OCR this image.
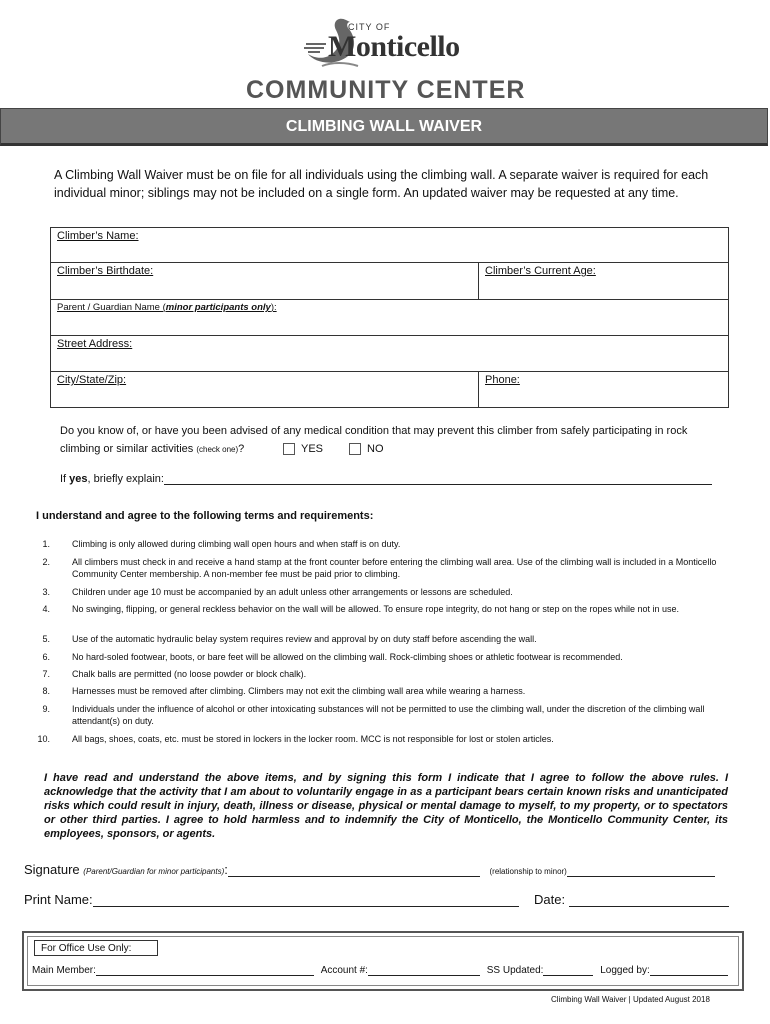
CITY OF
Monticello
COMMUNITY CENTER
CLIMBING WALL WAIVER
A Climbing Wall Waiver must be on file for all individuals using the climbing wall. A separate waiver is required for each individual minor; siblings may not be included on a single form. An updated waiver may be requested at any time.
Climber’s Name:
Climber’s Birthdate:	Climber’s Current Age:
Parent / Guardian Name (minor participants only):
Street Address:
City/State/Zip:	Phone:
Do you know of, or have you been advised of any medical condition that may prevent this climber from safely participating in rock
climbing or similar activities (check one)?	YES	NO
If yes, briefly explain:
I understand and agree to the following terms and requirements:
1. Climbing is only allowed during climbing wall open hours and when staff is on duty.
2. All climbers must check in and receive a hand stamp at the front counter before entering the climbing wall area. Use of the climbing wall is included in a Monticello Community Center membership. A non-member fee must be paid prior to climbing.
3. Children under age 10 must be accompanied by an adult unless other arrangements or lessons are scheduled.
4. No swinging, flipping, or general reckless behavior on the wall will be allowed. To ensure rope integrity, do not hang or step on the ropes while not in use.
5. Use of the automatic hydraulic belay system requires review and approval by on duty staff before ascending the wall.
6. No hard-soled footwear, boots, or bare feet will be allowed on the climbing wall. Rock-climbing shoes or athletic footwear is recommended.
7. Chalk balls are permitted (no loose powder or block chalk).
8. Harnesses must be removed after climbing. Climbers may not exit the climbing wall area while wearing a harness.
9. Individuals under the influence of alcohol or other intoxicating substances will not be permitted to use the climbing wall, under the discretion of the climbing wall attendant(s) on duty.
10. All bags, shoes, coats, etc. must be stored in lockers in the locker room. MCC is not responsible for lost or stolen articles.
I have read and understand the above items, and by signing this form I indicate that I agree to follow the above rules. I acknowledge that the activity that I am about to voluntarily engage in as a participant bears certain known risks and unanticipated risks which could result in injury, death, illness or disease, physical or mental damage to myself, to my property, or to spectators or other third parties. I agree to hold harmless and to indemnify the City of Monticello, the Monticello Community Center, its employees, sponsors, or agents.
Signature (Parent/Guardian for minor participants):	(relationship to minor)
Print Name:	Date:
For Office Use Only:
Main Member:	Account #:	SS Updated:	Logged by:
Climbing Wall Waiver | Updated August 2018
